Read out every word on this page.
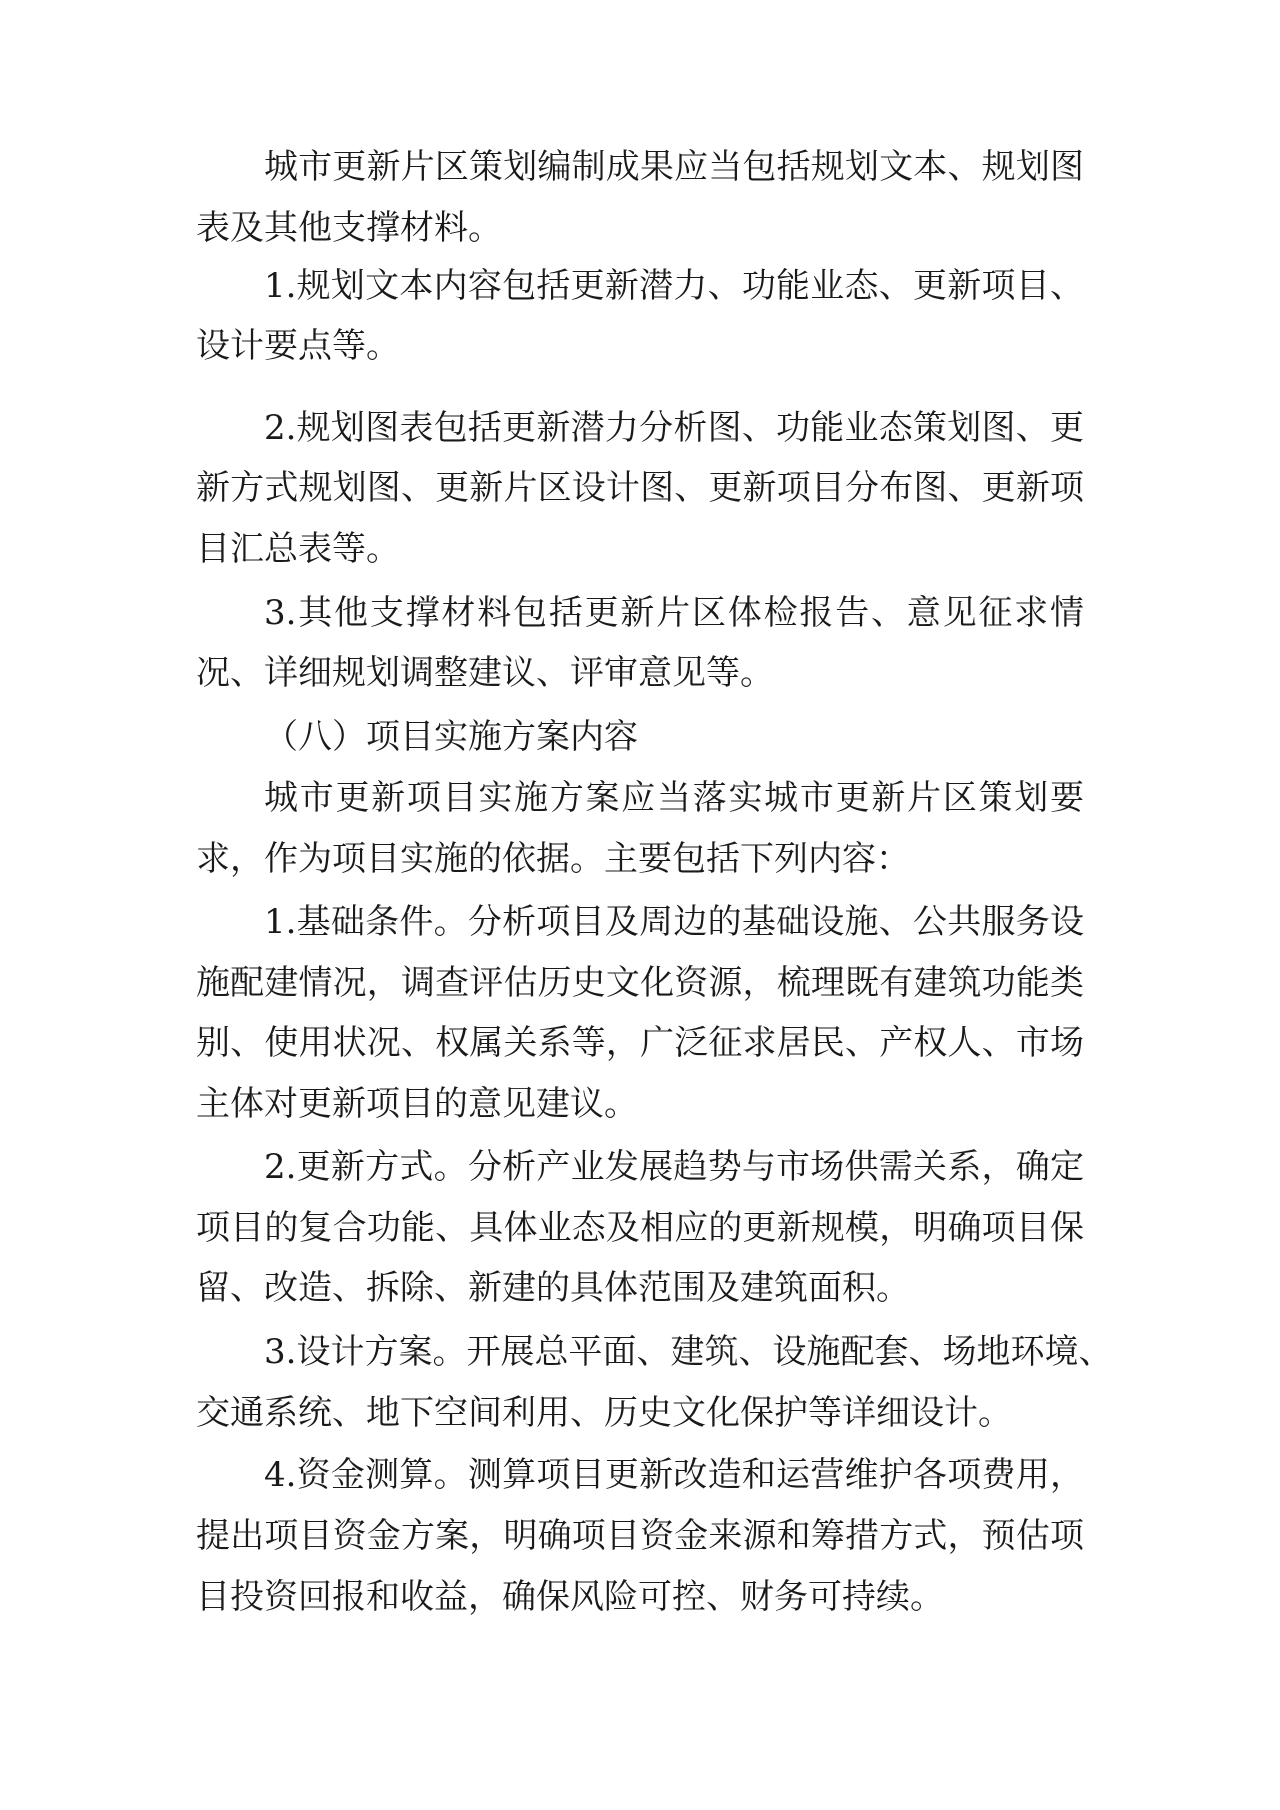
城市更新片区策划编制成果应当包括规划文本、规划图
表及其他支撑材料。
1.规划文本内容包括更新潜力、功能业态、更新项目、
设计要点等。
2.规划图表包括更新潜力分析图、功能业态策划图、更
新方式规划图、更新片区设计图、更新项目分布图、更新项
目汇总表等。
3.其他支撑材料包括更新片区体检报告、意见征求情
况、详细规划调整建议、评审意见等。
（八）项目实施方案内容
城市更新项目实施方案应当落实城市更新片区策划要
求，作为项目实施的依据。主要包括下列内容：
1.基础条件。分析项目及周边的基础设施、公共服务设
施配建情况，调查评估历史文化资源，梳理既有建筑功能类
别、使用状况、权属关系等，广泛征求居民、产权人、市场
主体对更新项目的意见建议。
2.更新方式。分析产业发展趋势与市场供需关系，确定
项目的复合功能、具体业态及相应的更新规模，明确项目保
留、改造、拆除、新建的具体范围及建筑面积。
3.设计方案。开展总平面、建筑、设施配套、场地环境、
交通系统、地下空间利用、历史文化保护等详细设计。
4.资金测算。测算项目更新改造和运营维护各项费用，
提出项目资金方案，明确项目资金来源和筹措方式，预估项
目投资回报和收益，确保风险可控、财务可持续。
